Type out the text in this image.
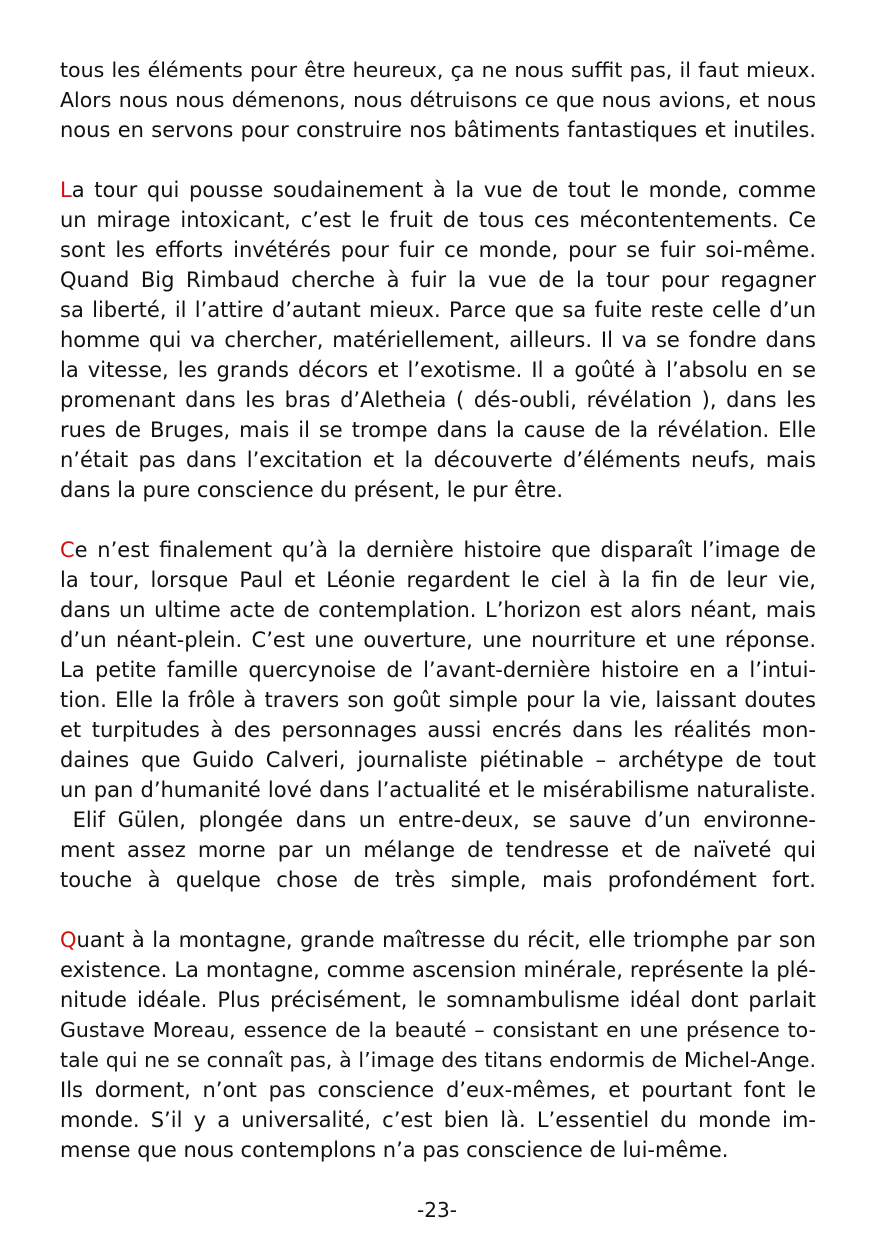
tous les éléments pour être heureux, ça ne nous suffit pas, il faut mieux.
Alors nous nous démenons, nous détruisons ce que nous avions, et nous
nous en servons pour construire nos bâtiments fantastiques et inutiles.
La tour qui pousse soudainement à la vue de tout le monde, comme
un mirage intoxicant, c’est le fruit de tous ces mécontentements. Ce
sont les efforts invétérés pour fuir ce monde, pour se fuir soi-même.
Quand Big Rimbaud cherche à fuir la vue de la tour pour regagner
sa liberté, il l’attire d’autant mieux. Parce que sa fuite reste celle d’un
homme qui va chercher, matériellement, ailleurs. Il va se fondre dans
la vitesse, les grands décors et l’exotisme. Il a goûté à l’absolu en se
promenant dans les bras d’Aletheia ( dés-oubli, révélation ), dans les
rues de Bruges, mais il se trompe dans la cause de la révélation. Elle
n’était pas dans l’excitation et la découverte d’éléments neufs, mais
dans la pure conscience du présent, le pur être.
Ce n’est finalement qu’à la dernière histoire que disparaît l’image de
la tour, lorsque Paul et Léonie regardent le ciel à la fin de leur vie,
dans un ultime acte de contemplation. L’horizon est alors néant, mais
d’un néant-plein. C’est une ouverture, une nourriture et une réponse.
La petite famille quercynoise de l’avant-dernière histoire en a l’intui-
tion. Elle la frôle à travers son goût simple pour la vie, laissant doutes
et turpitudes à des personnages aussi encrés dans les réalités mon-
daines que Guido Calveri, journaliste piétinable – archétype de tout
un pan d’humanité lové dans l’actualité et le misérabilisme naturaliste.
Elif Gülen, plongée dans un entre-deux, se sauve d’un environne-
ment assez morne par un mélange de tendresse et de naïveté qui
touche à quelque chose de très simple, mais profondément fort.
Quant à la montagne, grande maîtresse du récit, elle triomphe par son
existence. La montagne, comme ascension minérale, représente la plé-
nitude idéale. Plus précisément, le somnambulisme idéal dont parlait
Gustave Moreau, essence de la beauté – consistant en une présence to-
tale qui ne se connaît pas, à l’image des titans endormis de Michel-Ange.
Ils dorment, n’ont pas conscience d’eux-mêmes, et pourtant font le
monde. S’il y a universalité, c’est bien là. L’essentiel du monde im-
mense que nous contemplons n’a pas conscience de lui-même.
-23-
